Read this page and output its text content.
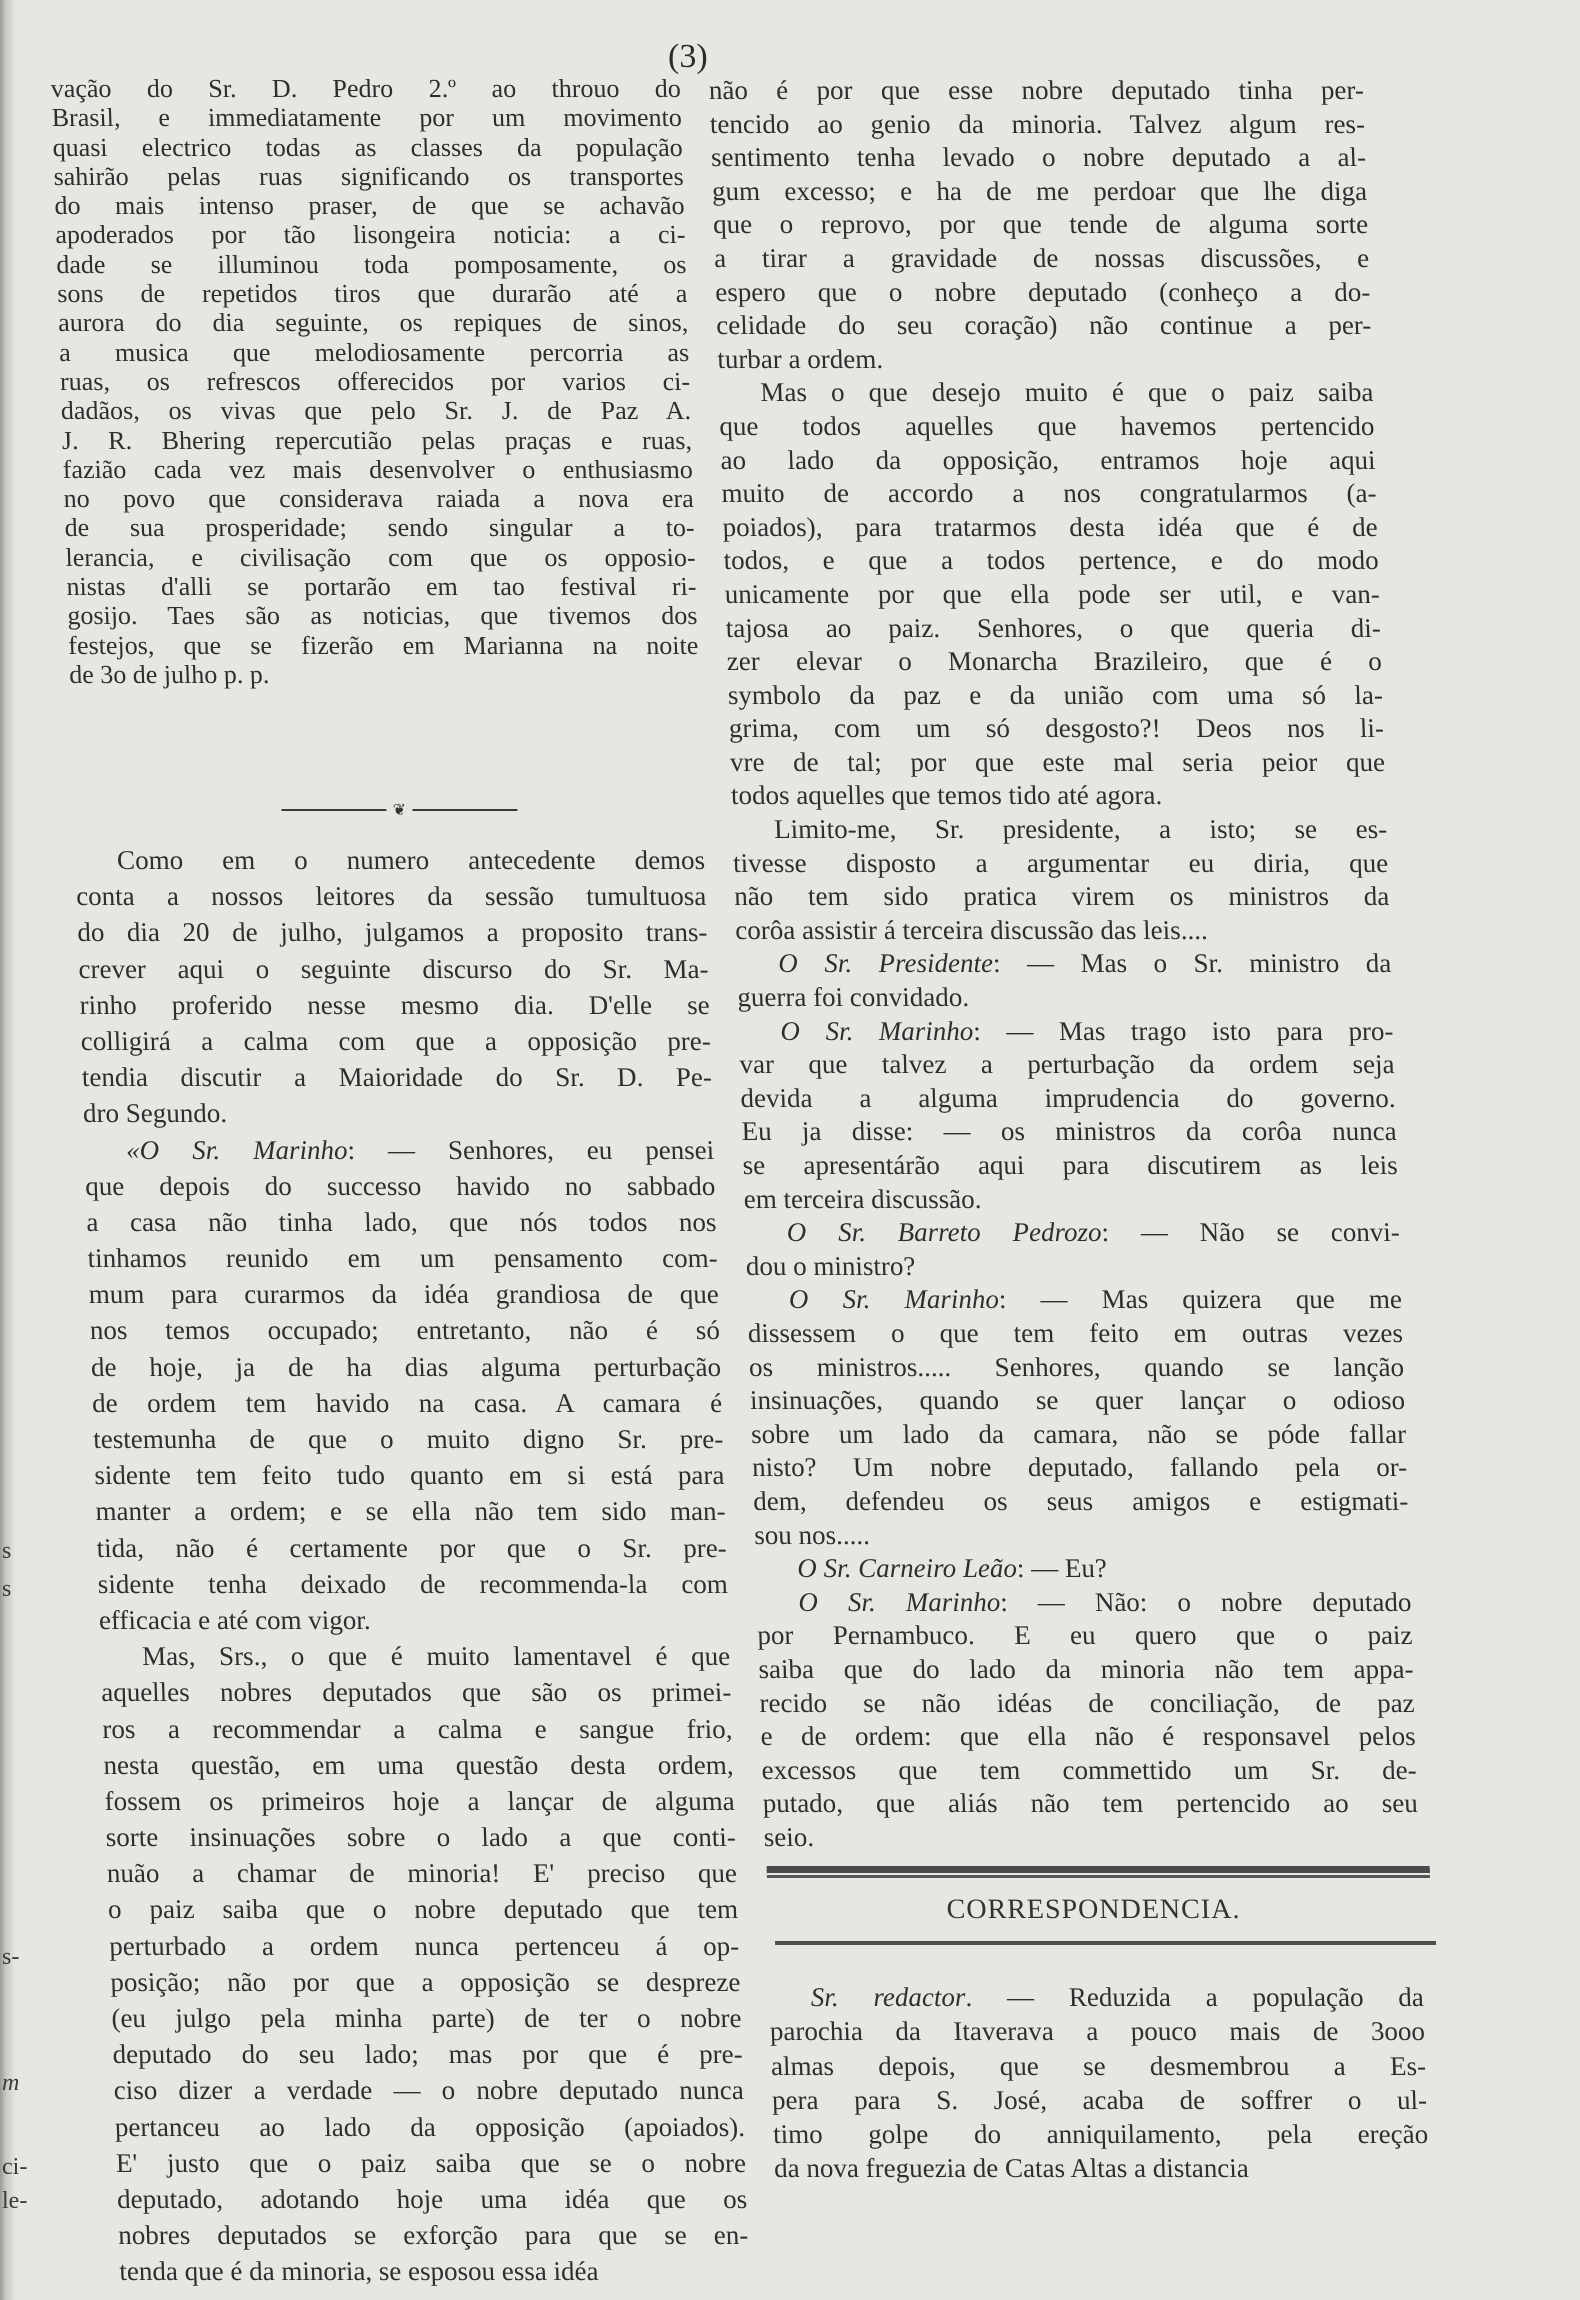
s
s
s-
m
ci-
le-
(3)
vação do Sr. D. Pedro 2.º ao throuo do
Brasil, e immediatamente por um movimento
quasi electrico todas as classes da população
sahirão pelas ruas significando os transportes
do mais intenso praser, de que se achavão
apoderados por tão lisongeira noticia: a ci-
dade se illuminou toda pomposamente, os
sons de repetidos tiros que durarão até a
aurora do dia seguinte, os repiques de sinos,
a musica que melodiosamente percorria as
ruas, os refrescos offerecidos por varios ci-
dadãos, os vivas que pelo Sr. J. de Paz A.
J. R. Bhering repercutião pelas praças e ruas,
fazião cada vez mais desenvolver o enthusiasmo
no povo que considerava raiada a nova era
de sua prosperidade; sendo singular a to-
lerancia, e civilisação com que os opposio-
nistas d'alli se portarão em tao festival ri-
gosijo. Taes são as noticias, que tivemos dos
festejos, que se fizerão em Marianna na noite
de 3o de julho p. p.
❦
Como em o numero antecedente demos
conta a nossos leitores da sessão tumultuosa
do dia 20 de julho, julgamos a proposito trans-
crever aqui o seguinte discurso do Sr. Ma-
rinho proferido nesse mesmo dia. D'elle se
colligirá a calma com que a opposição pre-
tendia discutir a Maioridade do Sr. D. Pe-
dro Segundo.
«O Sr. Marinho: — Senhores, eu pensei
que depois do successo havido no sabbado
a casa não tinha lado, que nós todos nos
tinhamos reunido em um pensamento com-
mum para curarmos da idéa grandiosa de que
nos temos occupado; entretanto, não é só
de hoje, ja de ha dias alguma perturbação
de ordem tem havido na casa. A camara é
testemunha de que o muito digno Sr. pre-
sidente tem feito tudo quanto em si está para
manter a ordem; e se ella não tem sido man-
tida, não é certamente por que o Sr. pre-
sidente tenha deixado de recommenda-la com
efficacia e até com vigor.
Mas, Srs., o que é muito lamentavel é que
aquelles nobres deputados que são os primei-
ros a recommendar a calma e sangue frio,
nesta questão, em uma questão desta ordem,
fossem os primeiros hoje a lançar de alguma
sorte insinuações sobre o lado a que conti-
nuão a chamar de minoria! E' preciso que
o paiz saiba que o nobre deputado que tem
perturbado a ordem nunca pertenceu á op-
posição; não por que a opposição se despreze
(eu julgo pela minha parte) de ter o nobre
deputado do seu lado; mas por que é pre-
ciso dizer a verdade — o nobre deputado nunca
pertanceu ao lado da opposição (apoiados).
E' justo que o paiz saiba que se o nobre
deputado, adotando hoje uma idéa que os
nobres deputados se exforção para que se en-
tenda que é da minoria, se esposou essa idéa
não é por que esse nobre deputado tinha per-
tencido ao genio da minoria. Talvez algum res-
sentimento tenha levado o nobre deputado a al-
gum excesso; e ha de me perdoar que lhe diga
que o reprovo, por que tende de alguma sorte
a tirar a gravidade de nossas discussões, e
espero que o nobre deputado (conheço a do-
celidade do seu coração) não continue a per-
turbar a ordem.
Mas o que desejo muito é que o paiz saiba
que todos aquelles que havemos pertencido
ao lado da opposição, entramos hoje aqui
muito de accordo a nos congratularmos (a-
poiados), para tratarmos desta idéa que é de
todos, e que a todos pertence, e do modo
unicamente por que ella pode ser util, e van-
tajosa ao paiz. Senhores, o que queria di-
zer elevar o Monarcha Brazileiro, que é o
symbolo da paz e da união com uma só la-
grima, com um só desgosto?! Deos nos li-
vre de tal; por que este mal seria peior que
todos aquelles que temos tido até agora.
Limito-me, Sr. presidente, a isto; se es-
tivesse disposto a argumentar eu diria, que
não tem sido pratica virem os ministros da
corôa assistir á terceira discussão das leis....
O Sr. Presidente: — Mas o Sr. ministro da
guerra foi convidado.
O Sr. Marinho: — Mas trago isto para pro-
var que talvez a perturbação da ordem seja
devida a alguma imprudencia do governo.
Eu ja disse: — os ministros da corôa nunca
se apresentárão aqui para discutirem as leis
em terceira discussão.
O Sr. Barreto Pedrozo: — Não se convi-
dou o ministro?
O Sr. Marinho: — Mas quizera que me
dissessem o que tem feito em outras vezes
os ministros..... Senhores, quando se lanção
insinuações, quando se quer lançar o odioso
sobre um lado da camara, não se póde fallar
nisto? Um nobre deputado, fallando pela or-
dem, defendeu os seus amigos e estigmati-
sou nos.....
O Sr. Carneiro Leão: — Eu?
O Sr. Marinho: — Não: o nobre deputado
por Pernambuco. E eu quero que o paiz
saiba que do lado da minoria não tem appa-
recido se não idéas de conciliação, de paz
e de ordem: que ella não é responsavel pelos
excessos que tem commettido um Sr. de-
putado, que aliás não tem pertencido ao seu
seio.
CORRESPONDENCIA.
Sr. redactor. — Reduzida a população da
parochia da Itaverava a pouco mais de 3ooo
almas depois, que se desmembrou a Es-
pera para S. José, acaba de soffrer o ul-
timo golpe do anniquilamento, pela ereção
da nova freguezia de Catas Altas a distancia
